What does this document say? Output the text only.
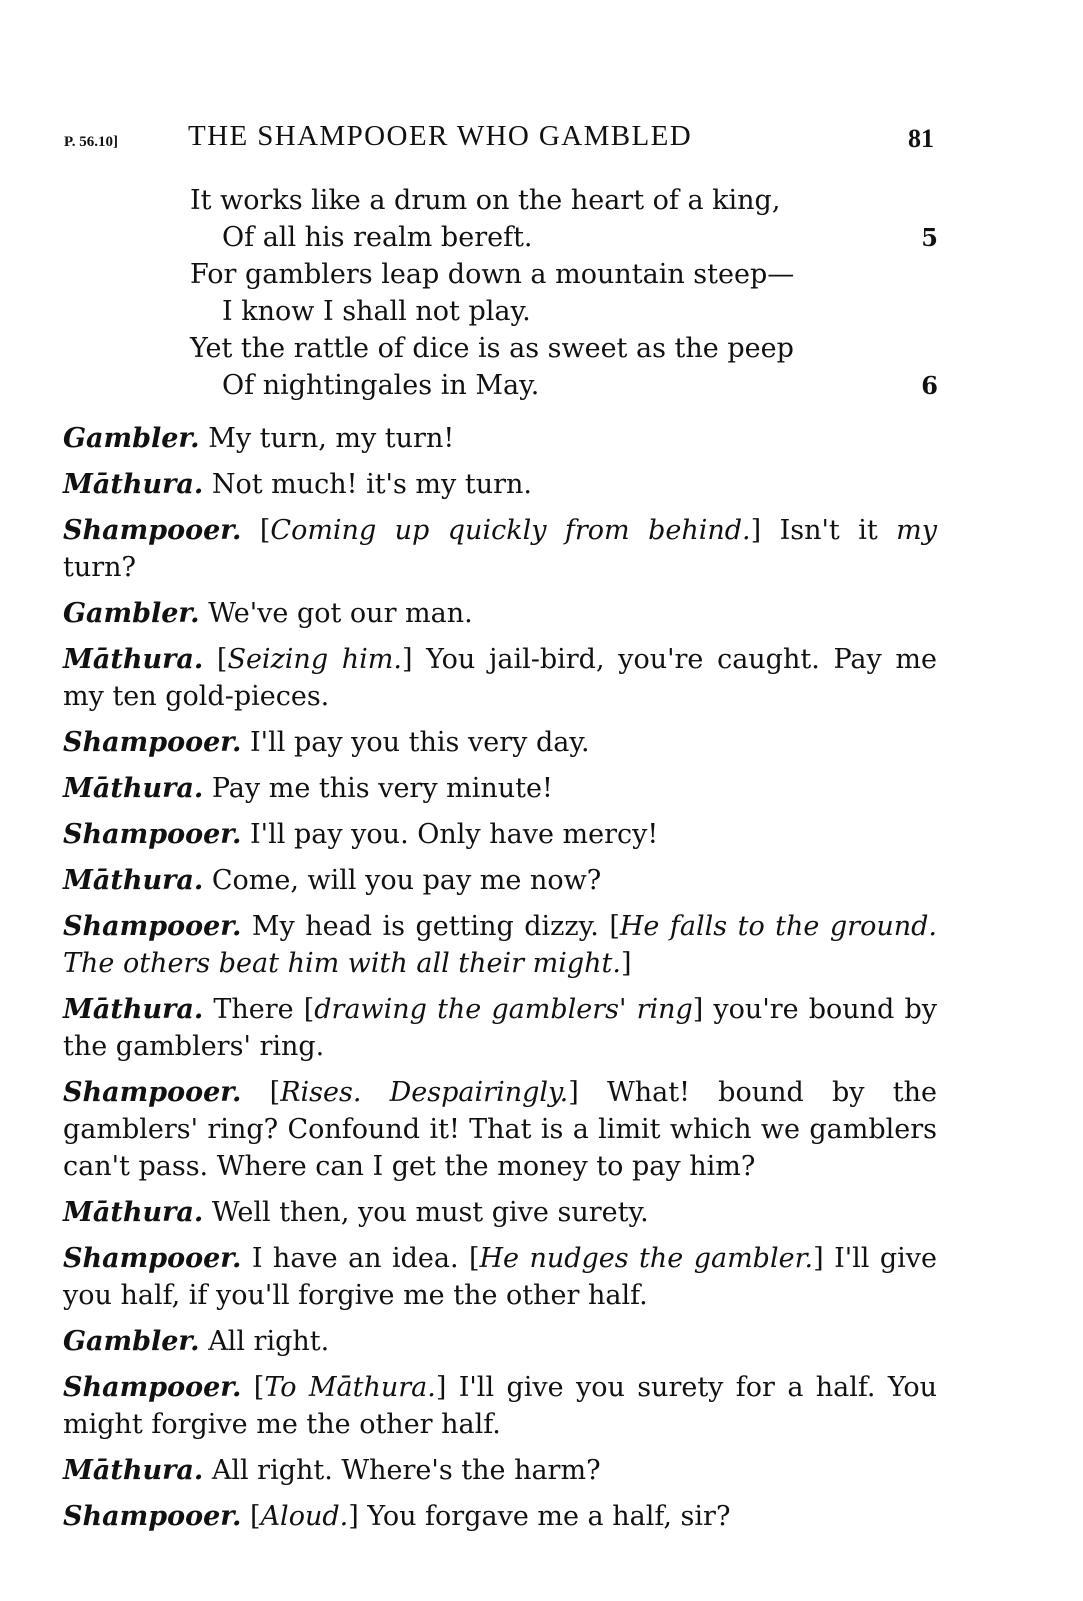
P. 56.10] THE SHAMPOOER WHO GAMBLED	81
It works like a drum on the heart of a king,
Of all his realm bereft.	5
For gamblers leap down a mountain steep—
I know I shall not play.
Yet the rattle of dice is as sweet as the peep
Of nightingales in May.	6

Gambler. My turn, my turn!

Māthura. Not much! it's my turn.

Shampooer. [Coming up quickly from behind.] Isn't it my turn?

Gambler. We've got our man.

Māthura. [Seizing him.] You jail-bird, you're caught. Pay me my ten gold-pieces.

Shampooer. I'll pay you this very day.

Māthura. Pay me this very minute!

Shampooer. I'll pay you. Only have mercy!

Māthura. Come, will you pay me now?

Shampooer. My head is getting dizzy. [He falls to the ground. The others beat him with all their might.]

Māthura. There [drawing the gamblers' ring] you're bound by the gamblers' ring.

Shampooer. [Rises. Despairingly.] What! bound by the gamblers' ring? Confound it! That is a limit which we gamblers can't pass. Where can I get the money to pay him?

Māthura. Well then, you must give surety.

Shampooer. I have an idea. [He nudges the gambler.] I'll give you half, if you'll forgive me the other half.

Gambler. All right.

Shampooer. [To Māthura.] I'll give you surety for a half. You might forgive me the other half.

Māthura. All right. Where's the harm?

Shampooer. [Aloud.] You forgave me a half, sir?
